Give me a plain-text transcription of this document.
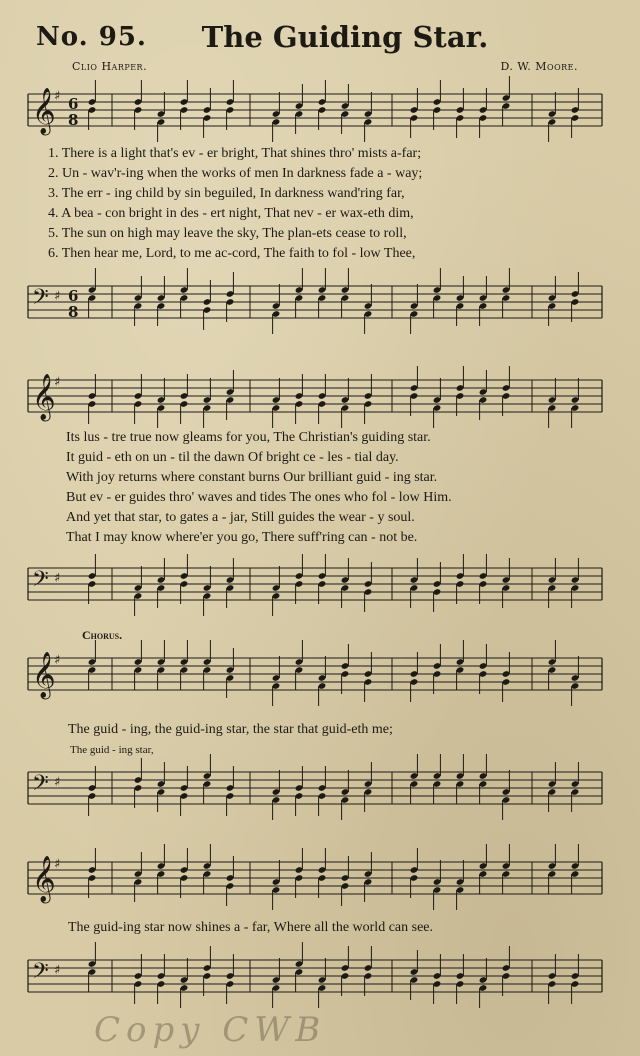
No. 95.	The Guiding Star.
Clio Harper.	D. W. Moore.
𝄞
♯ 6
8
1. There is a light that's ev - er bright, That shines thro' mists a-far;
2. Un - wav'r-ing when the works of men In darkness fade a - way;
3. The err - ing child by sin beguiled, In darkness wand'ring far,
4. A bea - con bright in des - ert night, That nev - er wax-eth dim,
5. The sun on high may leave the sky, The plan-ets cease to roll,
6. Then hear me, Lord, to me ac-cord, The faith to fol - low Thee,
𝄢 ♯ 6
8
𝄞
♯
Its lus - tre true now gleams for you, The Christian's guiding star.
It guid - eth on un - til the dawn Of bright ce - les - tial day.
With joy returns where constant burns Our brilliant guid - ing star.
But ev - er guides thro' waves and tides The ones who fol - low Him.
And yet that star, to gates a - jar, Still guides the wear - y soul.
That I may know where'er you go, There suff'ring can - not be.
𝄢 ♯
Chorus.
𝄞
♯
The guid - ing, the guid-ing star, the star that guid-eth me;
The guid - ing star,
𝄢 ♯
𝄞
♯
The guid-ing star now shines a - far, Where all the world can see.
𝄢 ♯
Copy CWB
